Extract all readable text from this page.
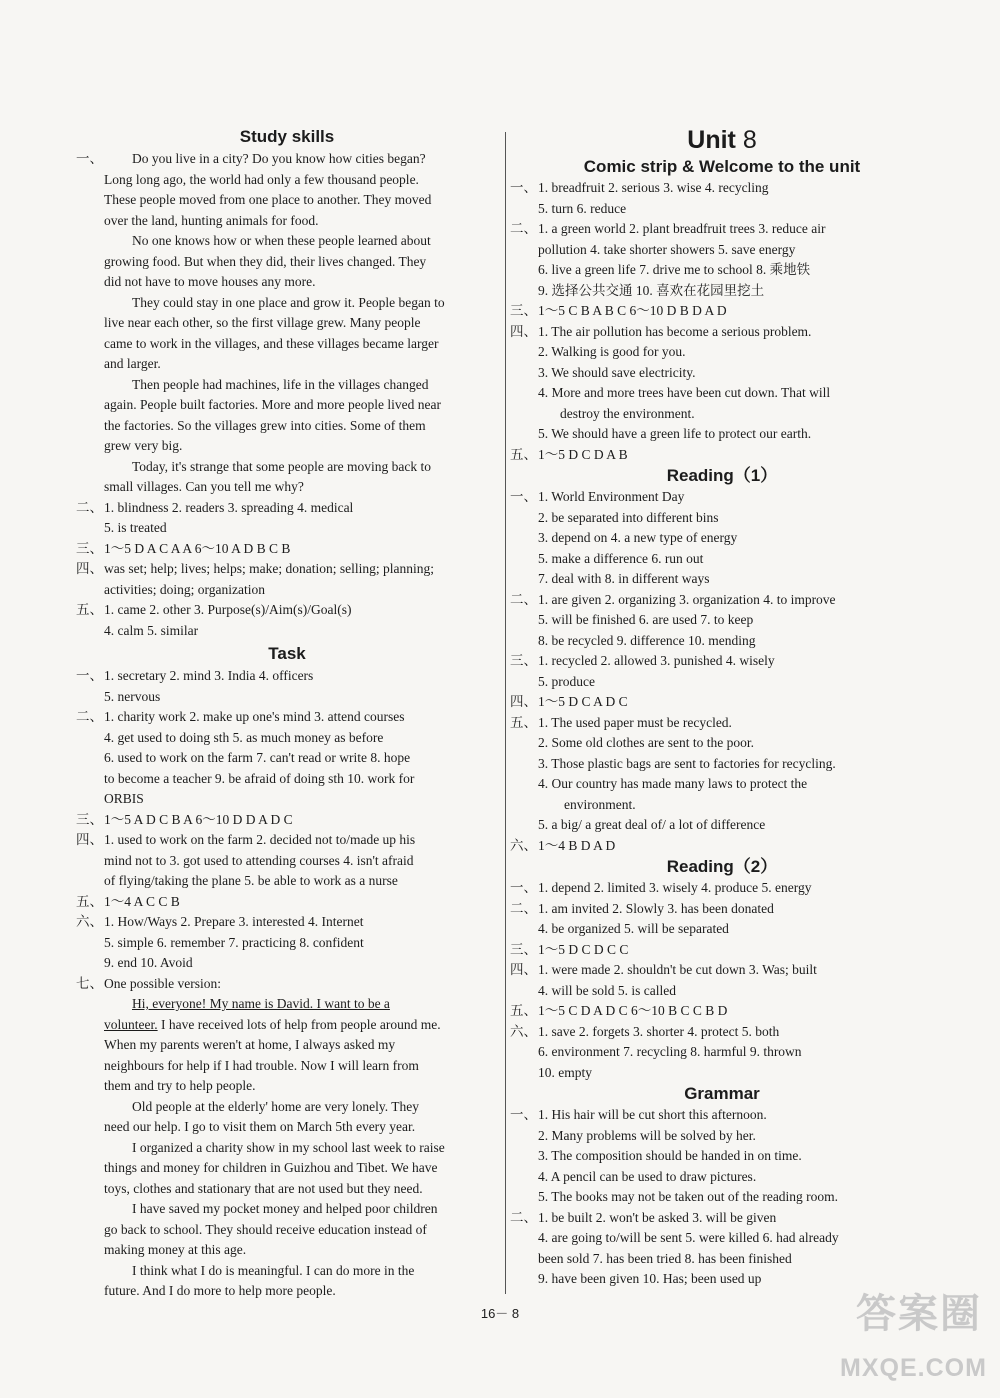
Study skills
一、	Do you live in a city? Do you know how cities began?
Long long ago, the world had only a few thousand people.
These people moved from one place to another. They moved
over the land, hunting animals for food.
No one knows how or when these people learned about
growing food. But when they did, their lives changed. They
did not have to move houses any more.
They could stay in one place and grow it. People began to
live near each other, so the first village grew. Many people
came to work in the villages, and these villages became larger
and larger.
Then people had machines, life in the villages changed
again. People built factories. More and more people lived near
the factories. So the villages grew into cities. Some of them
grew very big.
Today, it's strange that some people are moving back to
small villages. Can you tell me why?
二、 1. blindness 2. readers 3. spreading 4. medical
5. is treated
三、 1～5 D A C A A 6～10 A D B C B
四、 was set; help; lives; helps; make; donation; selling; planning;
activities; doing; organization
五、 1. came 2. other 3. Purpose(s)/Aim(s)/Goal(s)
4. calm 5. similar
Task
一、 1. secretary 2. mind 3. India 4. officers
5. nervous
二、 1. charity work 2. make up one's mind 3. attend courses
4. get used to doing sth 5. as much money as before
6. used to work on the farm 7. can't read or write 8. hope
to become a teacher 9. be afraid of doing sth 10. work for
ORBIS
三、 1～5 A D C B A 6～10 D D A D C
四、 1. used to work on the farm 2. decided not to/made up his
mind not to 3. got used to attending courses 4. isn't afraid
of flying/taking the plane 5. be able to work as a nurse
五、 1～4 A C C B
六、 1. How/Ways 2. Prepare 3. interested 4. Internet
5. simple 6. remember 7. practicing 8. confident
9. end 10. Avoid
七、 One possible version:
Hi, everyone! My name is David. I want to be a
volunteer. I have received lots of help from people around me.
When my parents weren't at home, I always asked my
neighbours for help if I had trouble. Now I will learn from
them and try to help people.
Old people at the elderly' home are very lonely. They
need our help. I go to visit them on March 5th every year.
I organized a charity show in my school last week to raise
things and money for children in Guizhou and Tibet. We have
toys, clothes and stationary that are not used but they need.
I have saved my pocket money and helped poor children
go back to school. They should receive education instead of
making money at this age.
I think what I do is meaningful. I can do more in the
future. And I do more to help more people.
Unit 8
Comic strip & Welcome to the unit
一、 1. breadfruit 2. serious 3. wise 4. recycling
5. turn 6. reduce
二、 1. a green world 2. plant breadfruit trees 3. reduce air
pollution 4. take shorter showers 5. save energy
6. live a green life 7. drive me to school 8. 乘地铁
9. 选择公共交通 10. 喜欢在花园里挖土
三、 1～5 C B A B C 6～10 D B D A D
四、 1. The air pollution has become a serious problem.
2. Walking is good for you.
3. We should save electricity.
4. More and more trees have been cut down. That will
destroy the environment.
5. We should have a green life to protect our earth.
五、 1～5 D C D A B
Reading（1）
一、 1. World Environment Day
2. be separated into different bins
3. depend on 4. a new type of energy
5. make a difference 6. run out
7. deal with 8. in different ways
二、 1. are given 2. organizing 3. organization 4. to improve
5. will be finished 6. are used 7. to keep
8. be recycled 9. difference 10. mending
三、 1. recycled 2. allowed 3. punished 4. wisely
5. produce
四、 1～5 D C A D C
五、 1. The used paper must be recycled.
2. Some old clothes are sent to the poor.
3. Those plastic bags are sent to factories for recycling.
4. Our country has made many laws to protect the
environment.
5. a big/ a great deal of/ a lot of difference
六、 1～4 B D A D
Reading（2）
一、 1. depend 2. limited 3. wisely 4. produce 5. energy
二、 1. am invited 2. Slowly 3. has been donated
4. be organized 5. will be separated
三、 1～5 D C D C C
四、 1. were made 2. shouldn't be cut down 3. Was; built
4. will be sold 5. is called
五、 1～5 C D A D C 6～10 B C C B D
六、 1. save 2. forgets 3. shorter 4. protect 5. both
6. environment 7. recycling 8. harmful 9. thrown
10. empty
Grammar
一、 1. His hair will be cut short this afternoon.
2. Many problems will be solved by her.
3. The composition should be handed in on time.
4. A pencil can be used to draw pictures.
5. The books may not be taken out of the reading room.
二、 1. be built 2. won't be asked 3. will be given
4. are going to/will be sent 5. were killed 6. had already
been sold 7. has been tried 8. has been finished
9. have been given 10. Has; been used up
16－ 8	答案圈
MXQE.COM
